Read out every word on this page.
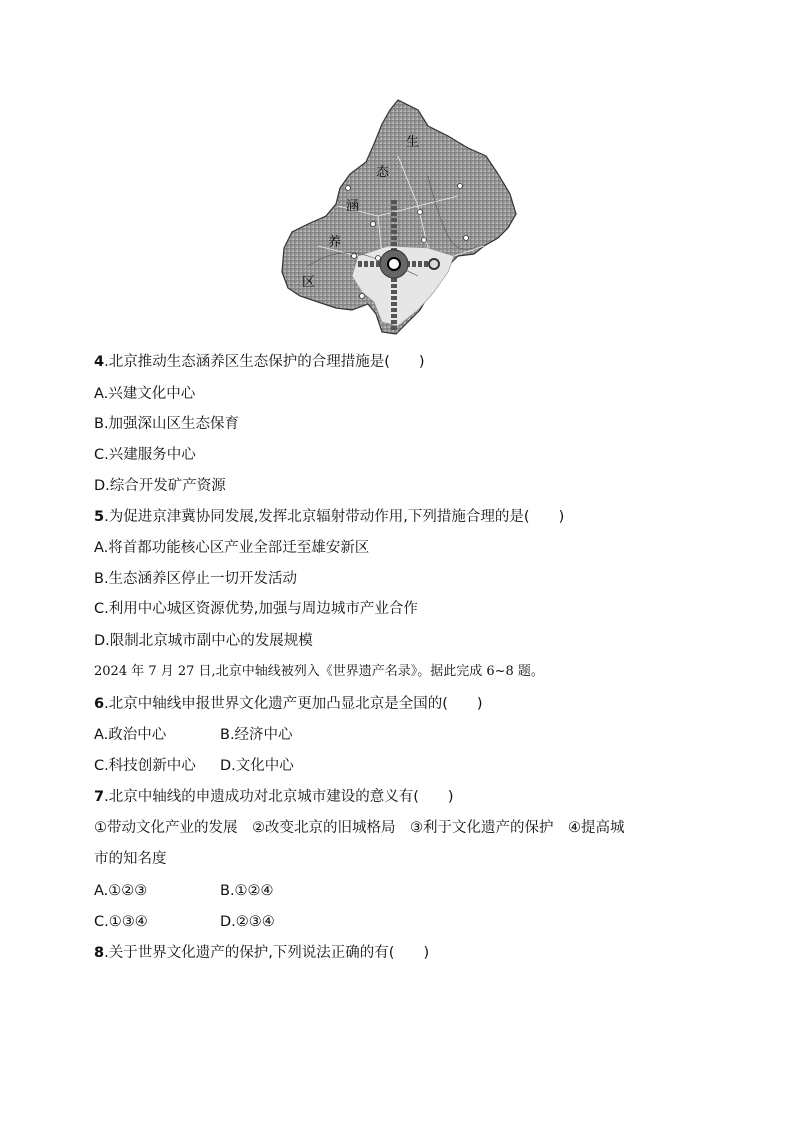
生
态
涵
养
区
4.北京推动生态涵养区生态保护的合理措施是(　　)
A.兴建文化中心
B.加强深山区生态保育
C.兴建服务中心
D.综合开发矿产资源
5.为促进京津冀协同发展,发挥北京辐射带动作用,下列措施合理的是(　　)
A.将首都功能核心区产业全部迁至雄安新区
B.生态涵养区停止一切开发活动
C.利用中心城区资源优势,加强与周边城市产业合作
D.限制北京城市副中心的发展规模
2024 年 7 月 27 日,北京中轴线被列入《世界遗产名录》。据此完成 6~8 题。
6.北京中轴线申报世界文化遗产更加凸显北京是全国的(　　)
A.政治中心	B.经济中心
C.科技创新中心 D.文化中心
7.北京中轴线的申遗成功对北京城市建设的意义有(　　)
①带动文化产业的发展　②改变北京的旧城格局　③利于文化遗产的保护　④提高城
市的知名度
A.①②③	B.①②④
C.①③④	D.②③④
8.关于世界文化遗产的保护,下列说法正确的有(　　)
